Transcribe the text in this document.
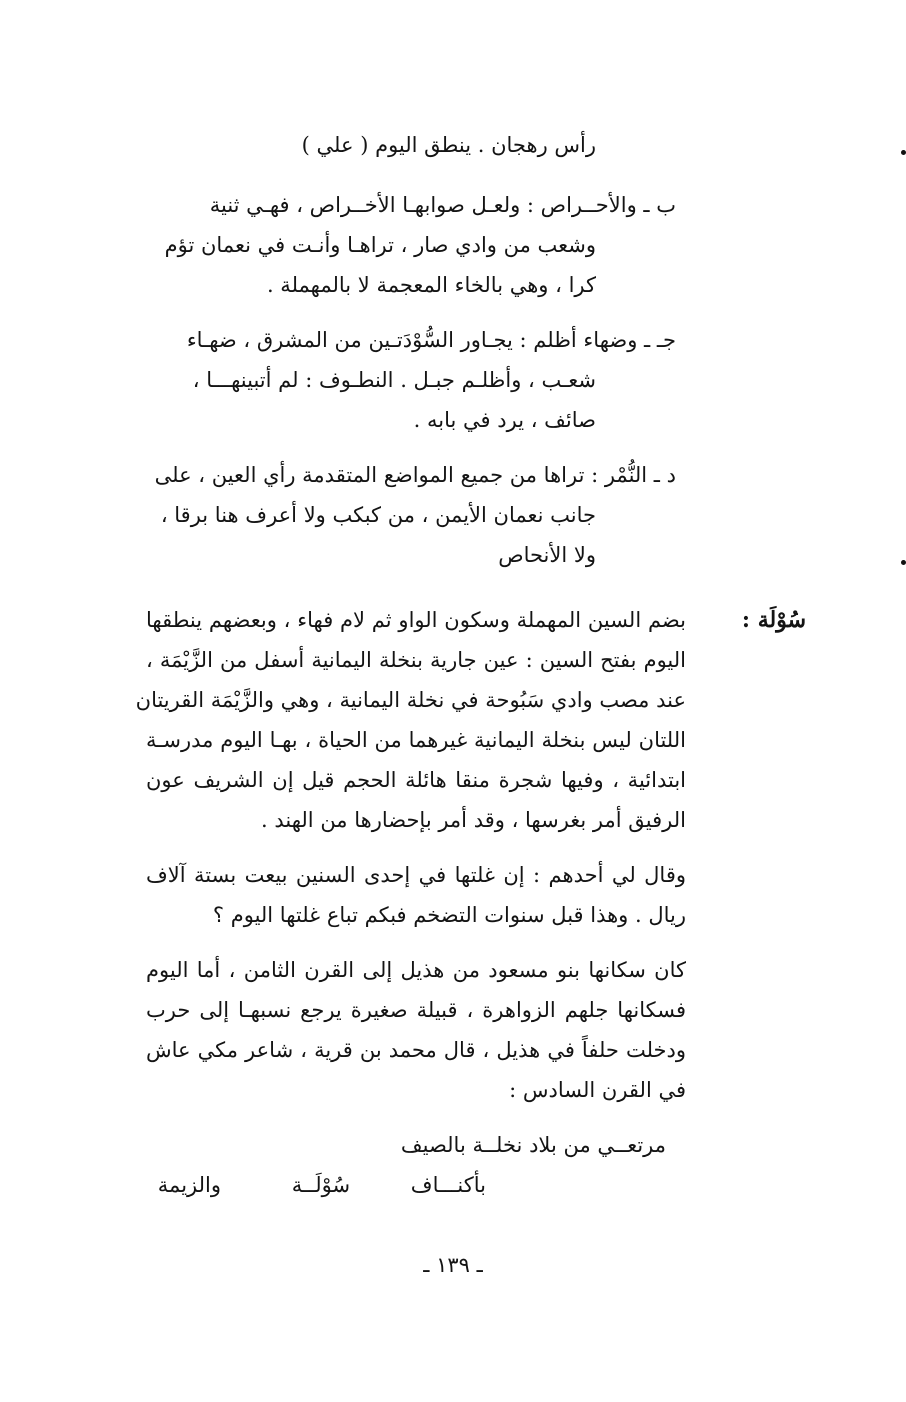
رأس رهجان . ينطق اليوم ( علي )
ب ـ والأحــراص : ولعـل صوابهـا الأخــراص ، فهـي ثنية
وشعب من وادي صار ، تراهـا وأنـت في نعمان تؤم
كرا ، وهي بالخاء المعجمة لا بالمهملة .
جـ ـ وضهاء أظلم : يجـاور السُّوْدَتـين من المشرق ، ضهـاء
شعـب ، وأظلـم جبـل . النطـوف : لم أتبينهـــا ،
صائف ، يرد في بابه .
د ـ النُّمْر : تراها من جميع المواضع المتقدمة رأي العين ، على
جانب نعمان الأيمن ، من كبكب ولا أعرف هنا برقا ،
ولا الأنحاص
سُوْلَة :
بضم السين المهملة وسكون الواو ثم لام فهاء ، وبعضهم ينطقها
اليوم بفتح السين : عين جارية بنخلة اليمانية أسفل من الزَّيْمَة ،
عند مصب وادي سَبُوحة في نخلة اليمانية ، وهي والزَّيْمَة القريتان
اللتان ليس بنخلة اليمانية غيرهما من الحياة ، بهـا اليوم مدرسـة
ابتدائية ، وفيها شجرة منقا هائلة الحجم قيل إن الشريف عون
الرفيق أمر بغرسها ، وقد أمر بإحضارها من الهند .
وقال لي أحدهم : إن غلتها في إحدى السنين بيعت بستة آلاف
ريال . وهذا قبل سنوات التضخم فبكم تباع غلتها اليوم ؟
كان سكانها بنو مسعود من هذيل إلى القرن الثامن ، أما اليوم
فسكانها جلهم الزواهرة ، قبيلة صغيرة يرجع نسبهـا إلى حرب
ودخلت حلفاً في هذيل ، قال محمد بن قرية ، شاعر مكي عاش
في القرن السادس :
مرتعــي من بلاد نخلــة بالصيف
بأكنـــاف سُوْلَــة والزيمة
ـ ١٣٩ ـ
